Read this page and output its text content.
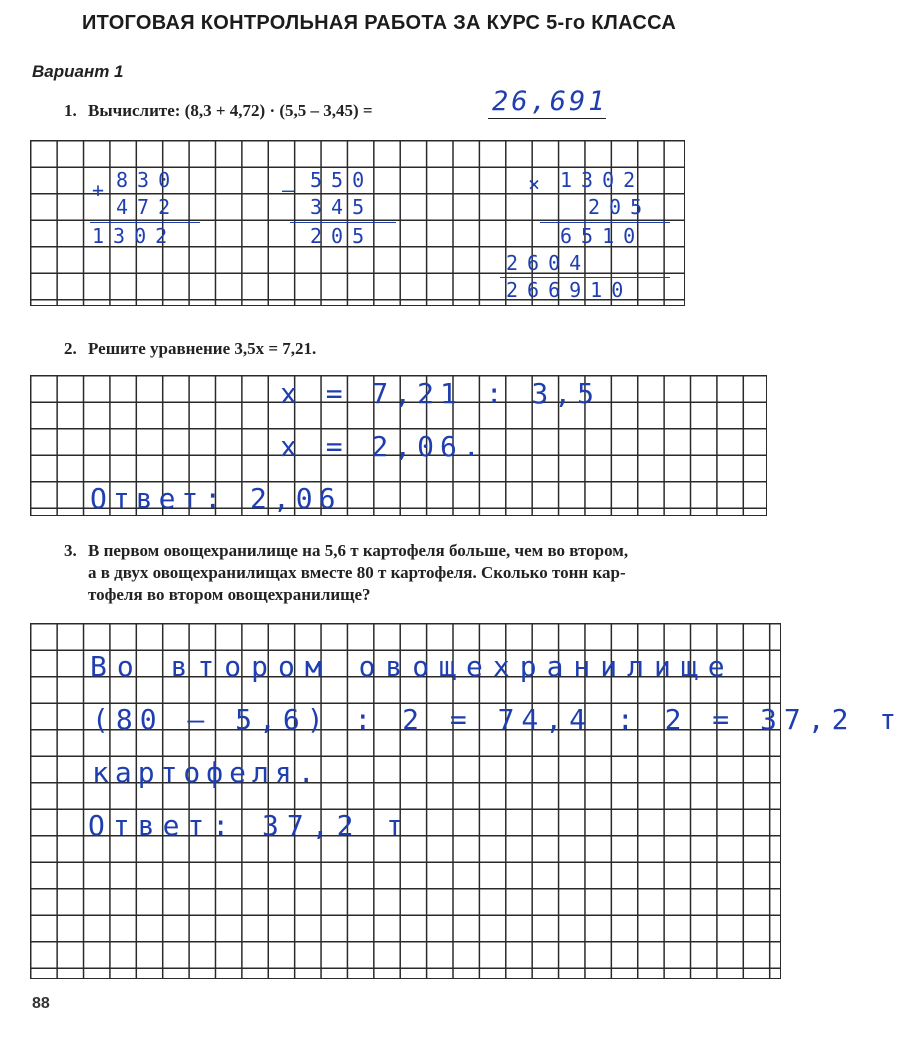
ИТОГОВАЯ КОНТРОЛЬНАЯ РАБОТА ЗА КУРС 5-го КЛАССА
Вариант 1
1. Вычислите: (8,3 + 4,72) · (5,5 – 3,45) =	26,691
+ 830
472
1302
– 550
345
205
× 1302
205
6510
2604
266910
2. Решите уравнение 3,5x = 7,21.
x = 7,21 : 3,5
x = 2,06.
Ответ: 2,06
3. В первом овощехранилище на 5,6 т картофеля больше, чем во втором,
а в двух овощехранилищах вместе 80 т картофеля. Сколько тонн кар-
тофеля во втором овощехранилище?
Во втором овощехранилище
(80 – 5,6) : 2 = 74,4 : 2 = 37,2 т
картофеля.
Ответ: 37,2 т
88
